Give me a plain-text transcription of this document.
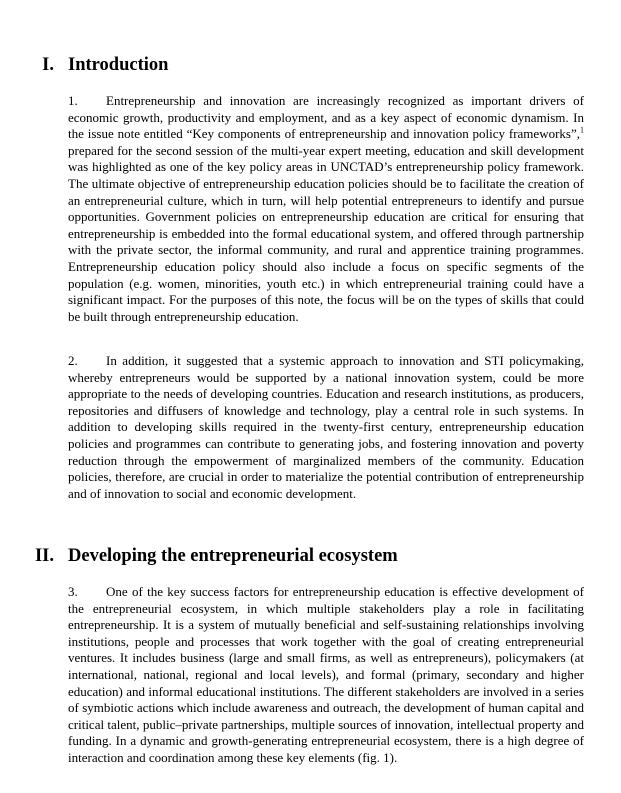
I. Introduction
1. Entrepreneurship and innovation are increasingly recognized as important drivers of economic growth, productivity and employment, and as a key aspect of economic dynamism. In the issue note entitled “Key components of entrepreneurship and innovation policy frameworks”,$^1$ prepared for the second session of the multi-year expert meeting, education and skill development was highlighted as one of the key policy areas in UNCTAD’s entrepreneurship policy framework. The ultimate objective of entrepreneurship education policies should be to facilitate the creation of an entrepreneurial culture, which in turn, will help potential entrepreneurs to identify and pursue opportunities. Government policies on entrepreneurship education are critical for ensuring that entrepreneurship is embedded into the formal educational system, and offered through partnership with the private sector, the informal community, and rural and apprentice training programmes. Entrepreneurship education policy should also include a focus on specific segments of the population (e.g. women, minorities, youth etc.) in which entrepreneurial training could have a significant impact. For the purposes of this note, the focus will be on the types of skills that could be built through entrepreneurship education.
2. In addition, it suggested that a systemic approach to innovation and STI policymaking, whereby entrepreneurs would be supported by a national innovation system, could be more appropriate to the needs of developing countries. Education and research institutions, as producers, repositories and diffusers of knowledge and technology, play a central role in such systems. In addition to developing skills required in the twenty-first century, entrepreneurship education policies and programmes can contribute to generating jobs, and fostering innovation and poverty reduction through the empowerment of marginalized members of the community. Education policies, therefore, are crucial in order to materialize the potential contribution of entrepreneurship and of innovation to social and economic development.
II. Developing the entrepreneurial ecosystem
3. One of the key success factors for entrepreneurship education is effective development of the entrepreneurial ecosystem, in which multiple stakeholders play a role in facilitating entrepreneurship. It is a system of mutually beneficial and self-sustaining relationships involving institutions, people and processes that work together with the goal of creating entrepreneurial ventures. It includes business (large and small firms, as well as entrepreneurs), policymakers (at international, national, regional and local levels), and formal (primary, secondary and higher education) and informal educational institutions. The different stakeholders are involved in a series of symbiotic actions which include awareness and outreach, the development of human capital and critical talent, public–private partnerships, multiple sources of innovation, intellectual property and funding. In a dynamic and growth-generating entrepreneurial ecosystem, there is a high degree of interaction and coordination among these key elements (fig. 1).
